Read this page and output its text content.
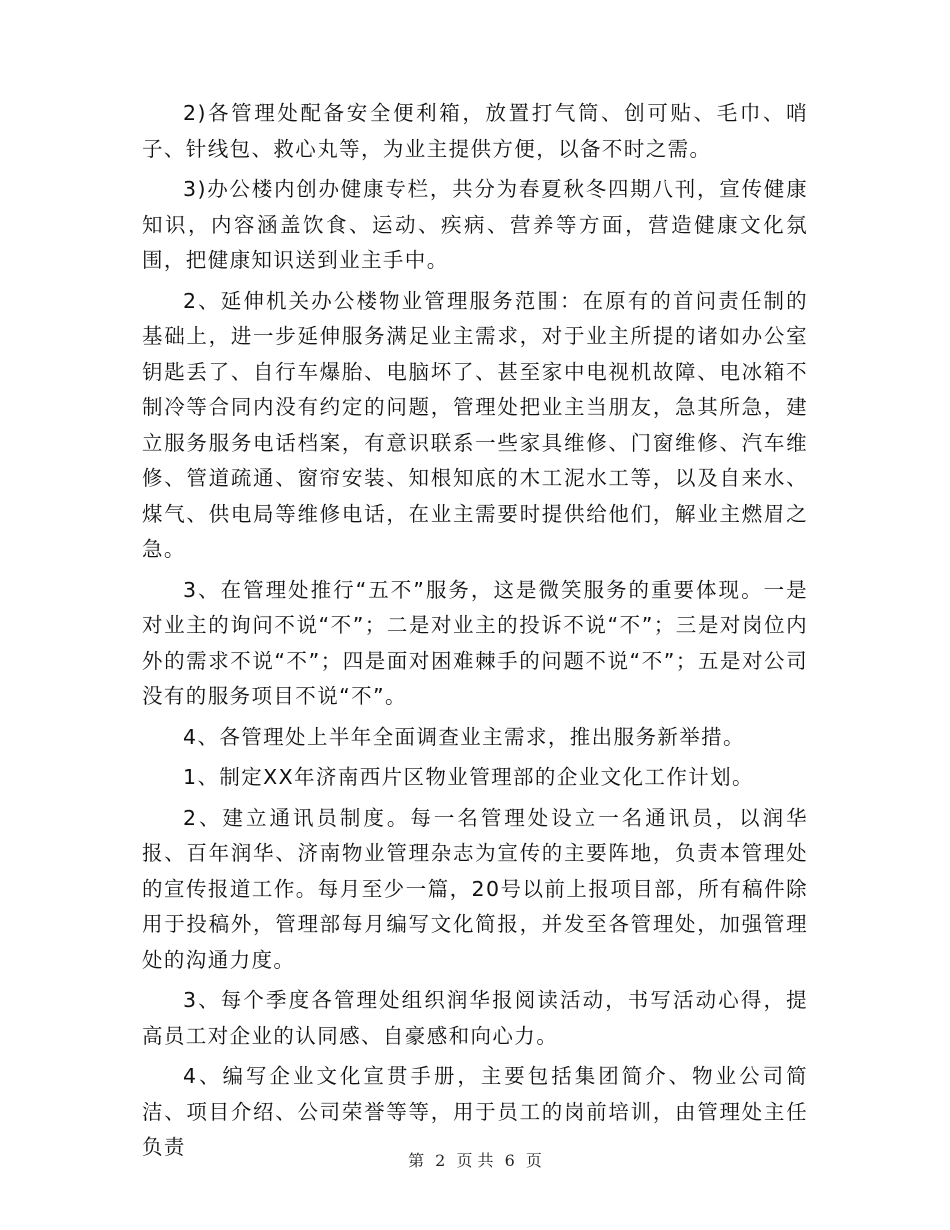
2)各管理处配备安全便利箱，放置打气筒、创可贴、毛巾、哨子、针线包、救心丸等，为业主提供方便，以备不时之需。

3)办公楼内创办健康专栏，共分为春夏秋冬四期八刊，宣传健康知识，内容涵盖饮食、运动、疾病、营养等方面，营造健康文化氛围，把健康知识送到业主手中。

2、延伸机关办公楼物业管理服务范围：在原有的首问责任制的基础上，进一步延伸服务满足业主需求，对于业主所提的诸如办公室钥匙丢了、自行车爆胎、电脑坏了、甚至家中电视机故障、电冰箱不制冷等合同内没有约定的问题，管理处把业主当朋友，急其所急，建立服务服务电话档案，有意识联系一些家具维修、门窗维修、汽车维修、管道疏通、窗帘安装、知根知底的木工泥水工等，以及自来水、煤气、供电局等维修电话，在业主需要时提供给他们，解业主燃眉之急。

3、在管理处推行“五不”服务，这是微笑服务的重要体现。一是对业主的询问不说“不”；二是对业主的投诉不说“不”；三是对岗位内外的需求不说“不”；四是面对困难棘手的问题不说“不”；五是对公司没有的服务项目不说“不”。

4、各管理处上半年全面调查业主需求，推出服务新举措。

1、制定XX年济南西片区物业管理部的企业文化工作计划。

2、建立通讯员制度。每一名管理处设立一名通讯员，以润华报、百年润华、济南物业管理杂志为宣传的主要阵地，负责本管理处的宣传报道工作。每月至少一篇，20号以前上报项目部，所有稿件除用于投稿外，管理部每月编写文化简报，并发至各管理处，加强管理处的沟通力度。

3、每个季度各管理处组织润华报阅读活动，书写活动心得，提高员工对企业的认同感、自豪感和向心力。

4、编写企业文化宣贯手册，主要包括集团简介、物业公司简洁、项目介绍、公司荣誉等等，用于员工的岗前培训，由管理处主任负责

第 2 页 共 6 页
